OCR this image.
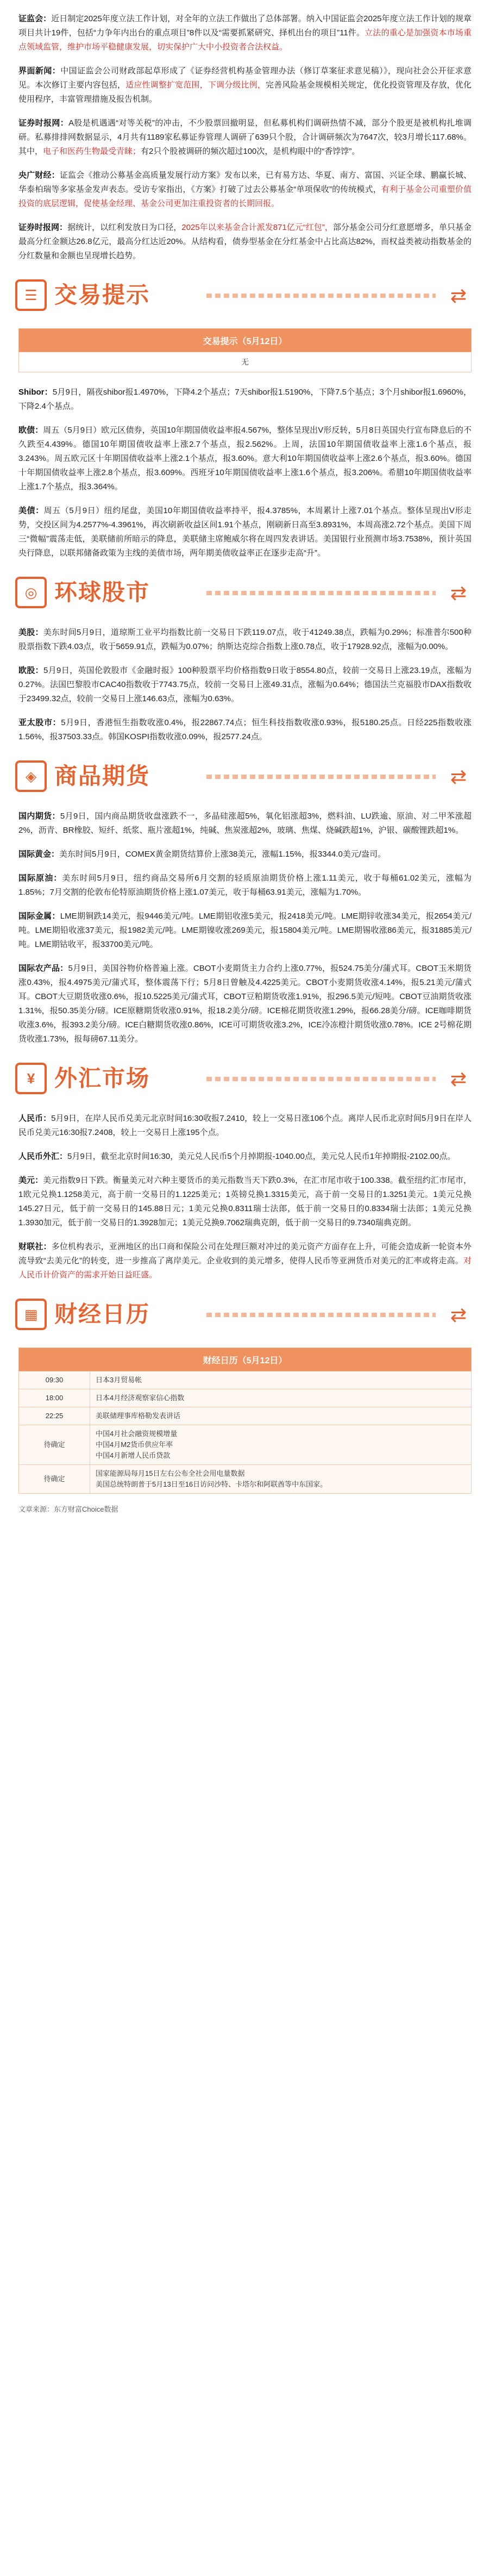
证监会：近日制定2025年度立法工作计划，对全年的立法工作做出了总体部署。纳入中国证监会2025年度立法工作计划的规章项目共计19件，包括“力争年内出台的重点项目”8件以及“需要抓紧研究、择机出台的项目”11件。立法的重心是加强资本市场重点领域监管，维护市场平稳健康发展，切实保护广大中小投资者合法权益。

界面新闻：中国证监会公司财政部起草形成了《证券经营机构基金管理办法（修订草案征求意见稿）》，现向社会公开征求意见。本次修订主要内容包括，适应性调整扩宽范围，下调分级比例，完善风险基金规模相关规定，优化投资管理及存放，优化使用程序，丰富管理措施及报告机制。

证券时报网：A股是机遇遇“对等关税”的冲击，不少股票回撤明显，但私募机构们调研热情不减，部分个股更是被机构扎堆调研。私募排排网数据显示，4月共有1189家私募证券管理人调研了639只个股，合计调研频次为7647次，较3月增长117.68%。其中，电子和医药生物最受青睐；有2只个股被调研的频次超过100次，是机构眼中的“香饽饽”。

央广财经：证监会《推动公募基金高质量发展行动方案》发布以来，已有易方达、华夏、南方、富国、兴证全球、鹏赢长城、华泰柏瑞等多家基金发声表态。受访专家指出，《方案》打破了过去公募基金“单项保收”的传统模式，有利于基金公司重塑价值投资的底层逻辑，促使基金经理、基金公司更加注重投资者的长期回报。

证券时报网：据统计，以红利发放日为口径，2025年以来基金合计派发871亿元“红包”，部分基金公司分红意愿增多，单只基金最高分红金额达26.8亿元，最高分红达近20%。从结构看，债券型基金在分红基金中占比高达82%，而权益类被动指数基金的分红数量和金额也呈现增长趋势。

☰ 交易提示	⇄
交易提示（5月12日）
无

Shibor：5月9日，隔夜shibor报1.4970%，下降4.2个基点；7天shibor报1.5190%，下降7.5个基点；3个月shibor报1.6960%，下降2.4个基点。

欧债：周五（5月9日）欧元区债券，英国10年期国债收益率报4.567%，整体呈现出V形反转，5月8日英国央行宣布降息后的不久跌至4.439%。德国10年期国债收益率上涨2.7个基点，报2.562%。上周，法国10年期国债收益率上涨1.6个基点，报3.243%。周五欧元区十年期国债收益率上涨2.1个基点，报3.60%。意大利10年期国债收益率上涨2.6个基点，报3.60%。德国十年期国债收益率上涨2.8个基点，报3.609%。西班牙10年期国债收益率上涨1.6个基点，报3.206%。希腊10年期国债收益率上涨1.7个基点，报3.364%。

美债：周五（5月9日）纽约尾盘，美国10年期国债收益率持平，报4.3785%，本周累计上涨7.01个基点。整体呈现出V形走势，交投区间为4.2577%-4.3961%，再次刷新收益区间1.91个基点，刚刷新日高至3.8931%，本周高涨2.72个基点。美国下周三“微幅”震荡走低，美联储前所暗示的降息，美联储主席鲍威尔将在周四发表讲话。美国银行业预测市场3.7538%，预计英国央行降息，以联邦储备政策为主线的美债市场，两年期美债收益率正在逐步走高“升”。

◎ 环球股市	⇄

美股：美东时间5月9日，道琼斯工业平均指数比前一交易日下跌119.07点，收于41249.38点，跌幅为0.29%；标准普尔500种股票指数下跌4.03点，收于5659.91点，跌幅为0.07%；纳斯达克综合指数上涨0.78点，收于17928.92点，涨幅为0.00%。

欧股：5月9日，英国伦敦股市《金融时报》100种股票平均价格指数9日收于8554.80点，较前一交易日上涨23.19点，涨幅为0.27%。法国巴黎股市CAC40指数收于7743.75点，较前一交易日上涨49.31点，涨幅为0.64%；德国法兰克福股市DAX指数收于23499.32点，较前一交易日上涨146.63点，涨幅为0.63%。

亚太股市：5月9日，香港恒生指数收涨0.4%，报22867.74点；恒生科技指数收涨0.93%，报5180.25点。日经225指数收涨1.56%，报37503.33点。韩国KOSPI指数收涨0.09%，报2577.24点。

◈ 商品期货	⇄

国内期货：5月9日，国内商品期货收盘涨跌不一，多晶硅涨超5%，氧化铝涨超3%，燃料油、LU跌逾、原油、对二甲苯涨超2%，沥青、BR橡胶、短纤、纸浆、瓶片涨超1%，纯碱、焦炭涨超2%，玻璃、焦煤、烧碱跌超1%，沪银、碳酸锂跌超1%。

国际黄金：美东时间5月9日，COMEX黄金期货结算价上涨38美元，涨幅1.15%，报3344.0美元/盎司。

国际原油：美东时间5月9日，纽约商品交易所6月交割的轻质原油期货价格上涨1.11美元，收于每桶61.02美元，涨幅为1.85%；7月交割的伦敦布伦特原油期货价格上涨1.07美元，收于每桶63.91美元，涨幅为1.70%。

国际金属：LME期铜跌14美元，报9446美元/吨。LME期铝收涨5美元，报2418美元/吨。LME期锌收涨34美元，报2654美元/吨。LME期铅收涨37美元，报1982美元/吨。LME期镍收涨269美元，报15804美元/吨。LME期锡收涨86美元，报31885美元/吨。LME期钴收平，报33700美元/吨。

国际农产品：5月9日，美国谷物价格普遍上涨。CBOT小麦期货主力合约上涨0.77%，报524.75美分/蒲式耳。CBOT玉米期货涨0.43%，报4.4975美元/蒲式耳，整体震荡下行；5月8日曾触及4.4225美元。CBOT小麦期货收涨4.14%，报5.21美元/蒲式耳。CBOT大豆期货收涨0.6%，报10.5225美元/蒲式耳，CBOT豆粕期货收涨1.91%，报296.5美元/短吨。CBOT豆油期货收涨1.31%，报50.35美分/磅。ICE原糖期货收涨0.91%，报18.2美分/磅。ICE棉花期货收涨1.29%，报66.28美分/磅。ICE咖啡期货收涨3.6%，报393.2美分/磅。ICE白糖期货收涨0.86%，ICE可可期货收涨3.2%，ICE冷冻橙汁期货收涨0.78%。ICE 2号棉花期货收涨1.73%，报每磅67.11美分。

¥ 外汇市场	⇄

人民币：5月9日，在岸人民币兑美元北京时间16:30收报7.2410，较上一交易日涨106个点。离岸人民币北京时间5月9日在岸人民币兑美元16:30报7.2408，较上一交易日上涨195个点。

人民币外汇：5月9日，截至北京时间16:30，美元兑人民币5个月掉期报-1040.00点，美元兑人民币1年掉期报-2102.00点。

美元：美元指数9日下跌。衡量美元对六种主要货币的美元指数当天下跌0.3%，在汇市尾市收于100.338。截至纽约汇市尾市，1欧元兑换1.1258美元，高于前一交易日的1.1225美元；1英镑兑换1.3315美元，高于前一交易日的1.3251美元。1美元兑换145.27日元，低于前一交易日的145.88日元；1美元兑换0.8311瑞士法郎，低于前一交易日的0.8334瑞士法郎；1美元兑换1.3930加元，低于前一交易日的1.3928加元；1美元兑换9.7062瑞典克朗，低于前一交易日的9.7340瑞典克朗。

财联社：多位机构表示，亚洲地区的出口商和保险公司在处理巨额对冲过的美元资产方面存在上升，可能会造成新一轮资本外流导致“去美元化”的转变，进一步推高了离岸美元。企业收到的美元增多，使得人民币等亚洲货币对美元的汇率或将走高。对人民币计价资产的需求开始日益旺盛。

▦ 财经日历	⇄
财经日历（5月12日）	
09:30	日本3月贸易帐
18:00	日本4月经济观察家信心指数
22:25	美联储理事库格勒发表讲话
待确定	中国4月社会融资规模增量
中国4月M2货币供应年率
中国4月新增人民币贷款
待确定	国家能源局每月15日左右公布全社会用电量数据
美国总统特朗普于5月13日至16日访问沙特、卡塔尔和阿联酋等中东国家。
文章来源：东方财富Choice数据
